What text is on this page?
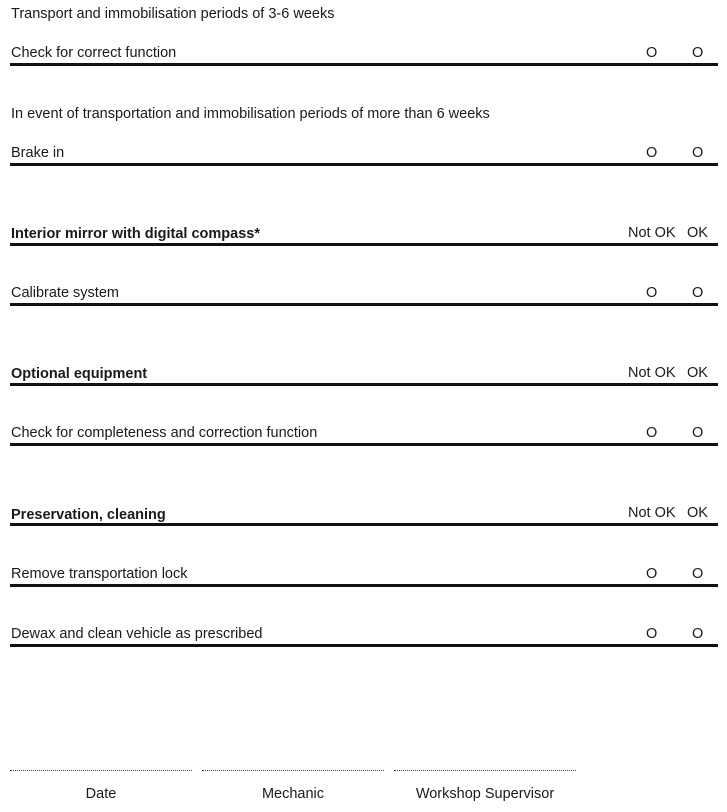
Transport and immobilisation periods of 3-6 weeks
Check for correct function	O O
In event of transportation and immobilisation periods of more than 6 weeks
Brake in	O O
Interior mirror with digital compass*	Not OK OK
Calibrate system	O O
Optional equipment	Not OK OK
Check for completeness and correction function	O O
Preservation, cleaning	Not OK OK
Remove transportation lock	O O
Dewax and clean vehicle as prescribed	O O
Date	Mechanic	Workshop Supervisor
